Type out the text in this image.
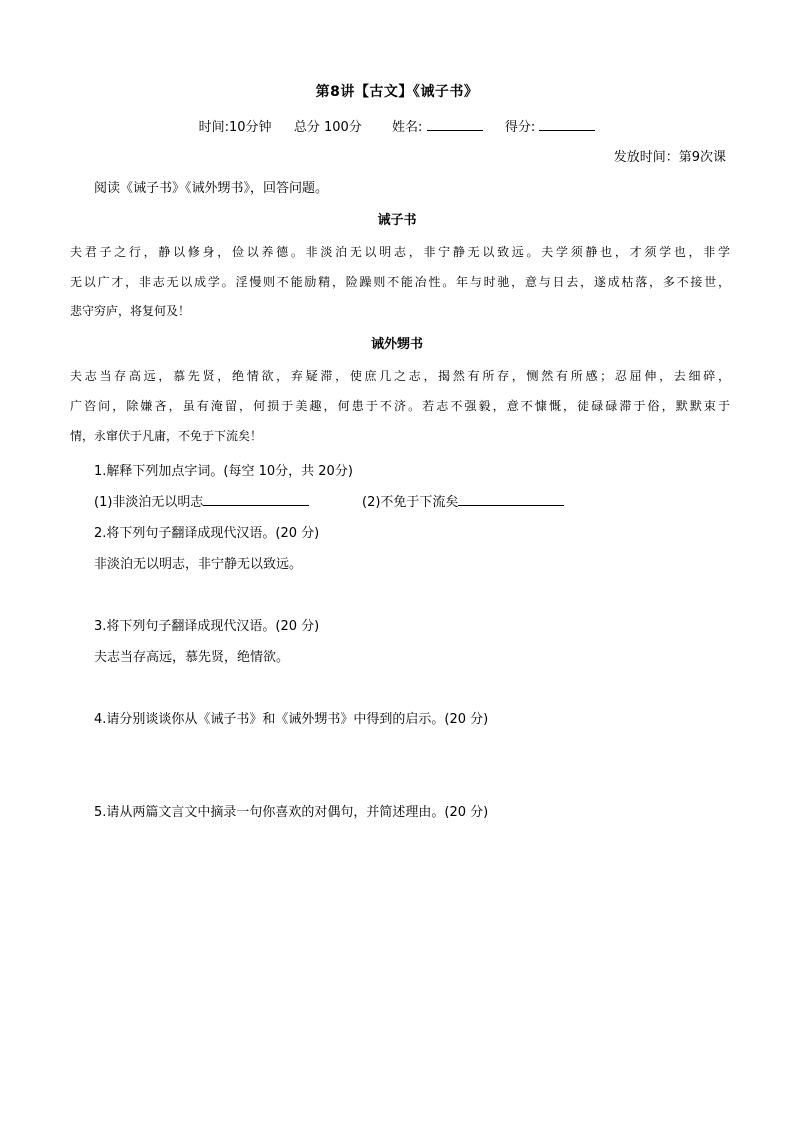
第8讲【古文】《诫子书》
时间:10分钟 总分 100分 姓名:	得分:
发放时间：第9次课
阅读《诫子书》《诫外甥书》，回答问题。
诫子书
夫君子之行，静以修身，俭以养德。非淡泊无以明志，非宁静无以致远。夫学须静也，才须学也，非学
无以广才，非志无以成学。淫慢则不能励精，险躁则不能冶性。年与时驰，意与日去，遂成枯落，多不接世，
悲守穷庐，将复何及！
诫外甥书
夫志当存高远，慕先贤，绝情欲，弃疑滞，使庶几之志，揭然有所存，恻然有所感；忍屈伸，去细碎，
广咨问，除嫌吝，虽有淹留，何损于美趣，何患于不济。若志不强毅，意不慷慨，徒碌碌滞于俗，默默束于
情，永窜伏于凡庸，不免于下流矣！
1.解释下列加点字词。(每空 10分，共 20分)
(1)非淡泊无以明志	(2)不免于下流矣
2.将下列句子翻译成现代汉语。(20 分)
非淡泊无以明志，非宁静无以致远。
3.将下列句子翻译成现代汉语。(20 分)
夫志当存高远，慕先贤，绝情欲。
4.请分别谈谈你从《诫子书》和《诫外甥书》中得到的启示。(20 分)
5.请从两篇文言文中摘录一句你喜欢的对偶句，并简述理由。(20 分)
